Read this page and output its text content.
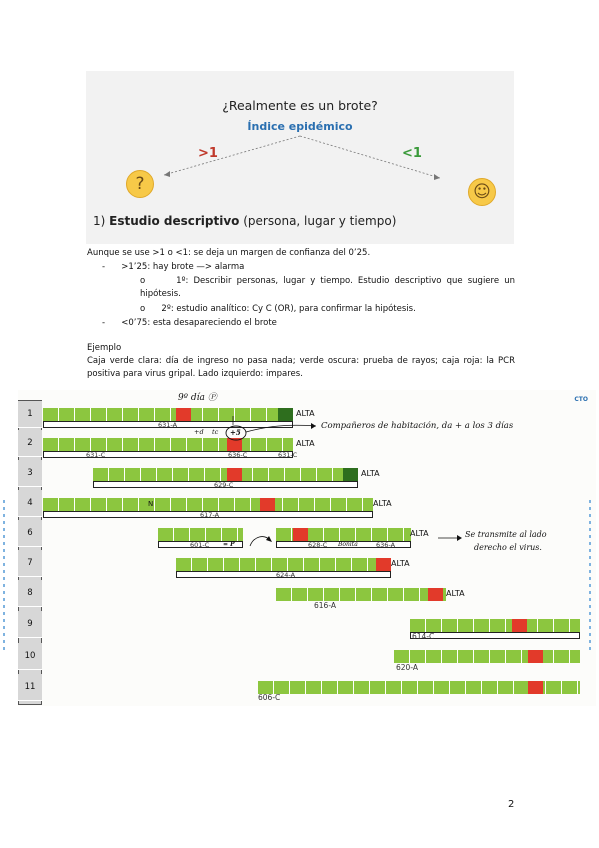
¿Realmente es un brote?
Índice epidémico
>1	<1
?	☺
1) Estudio descriptivo (persona, lugar y tiempo)
Aunque se use >1 o <1: se deja un margen de confianza del 0’25.
-      >1’25: hay brote —> alarma
o      1º: Describir personas, lugar y tiempo. Estudio descriptivo que sugiere un hipótesis.
o      2º: estudio analítico: Cy C (OR), para confirmar la hipótesis.
-      <0’75: esta desapareciendo el brote
Ejemplo
Caja verde clara: día de ingreso no pasa nada; verde oscura: prueba de rayos; caja roja: la PCR positiva para virus gripal. Lado izquierdo: impares.
CTO
1
2
3
4
6
7
8
9
10
11
631-A
ALTA
631-C	636-C	631-C
ALTA
629-C
ALTA
617-A
N	ALTA
601-C	628-C	636-A
ALTA
624-A
ALTA
616-A
ALTA
614-C
620-A
606-C
9º día Ⓟ
+d tc +5
Compañeros de habitación, da + a los 3 días
Se transmite al lado
derecho el virus.
= P	Bonita
2
